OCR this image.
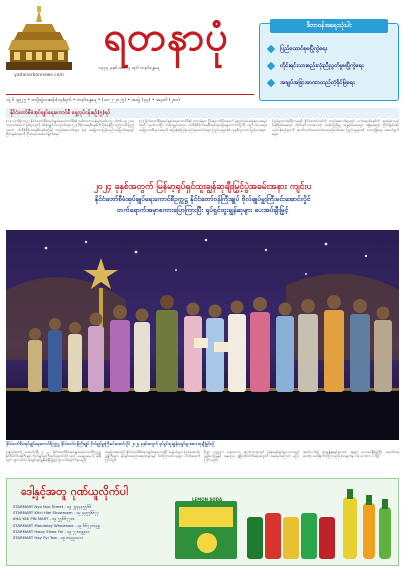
yadanarbonnews.com
ရတနာပုံ
၁၃၃၃ ခုနှစ်၊ လေ၊ ၃ ရက် တနင်္ဂနွေနေ့
သုံ့ ၆ ၃၉၂၅ • တပို့တွဲလဆန်း(၁၃)ရက် • တနင်္ဂနွေနေ့ • (၁၀-၂-၂၀၂၅) • အတွဲ (၃၃) • အမှတ် (၂၈၀)
ဒီတာဝန်အရေးသုံးပါး
ပြည်ထောင်စုမပြိုကွဲရေး
တိုင်းရင်းသားစည်းလုံးညီညွတ်မှုမပြိုကွဲရေး
အချုပ်အခြာအာဏာတည်တံ့ခိုင်မြဲရေး
နိုင်ငံတော်စီမံအုပ်ချုပ်ရေးကောင်စီ ရှေ့လုပ်ငန်းစဉ်(၅)ရပ်
(၁) လက်ရှိကာလ နိုင်ငံတော်စီမံအုပ်ချုပ်ရေးကောင်စီ၏ အဓိကတာဝန်များဖြစ်သော ကိုဗစ်-၁၉ ကမ္ဘာ့ကပ်ရောဂါ ဖြစ်ပွားမှုကို ထိန်းချုပ်ကာကွယ်ရေး။ (၂) ဒီမိုကရေစီစနစ်ကို စစ်မှန်ပြီး စည်းကမ်းပြည့်ဝသော ပါတီစုံဒီမိုကရေစီစနစ်အဖြစ် တည်ဆောက်ရေး။ (၃) အမျိုးသားပြန်လည်သင့်မြတ်ရေးနှင့် ငြိမ်းချမ်းရေးကို ဦးစားပေးဆောင်ရွက်ရေး။
(၄) နိုင်ငံတော်စီမံအုပ်ချုပ်ရေးကောင်စီ၏ တာဝန်များ ပြီးမြောက်ပြီးနောက် ဖွဲ့စည်းပုံအခြေခံဥပဒေနှင့်အညီ လွတ်လပ်ပြီး တရားမျှတသော ပါတီစုံဒီမိုကရေစီအထွေထွေရွေးကောက်ပွဲကို ကျင်းပပေးရေး။ အမျိုးသားစီးပွားရေးကို အမြန်ဆုံးပြန်လည်ထူထောင်ရေး။ ပြည်သူများ၏ လူမှုစီးပွားဘဝ မြင့်မားရေး။
ပြည်ထောင်စုဒီမိုကရေစီ နိုင်ငံတော်သစ်ကို တည်ဆောက်ရာတွင် ဖက်ဒရယ်စနစ်ကို အခြေခံသည့် စနစ်ဖြစ်စေရေး။ တိုင်းရင်းသားအားလုံး တန်းတူညီမျှ အခွင့်အရေးများ ရရှိစေရေး။ ငြိမ်းချမ်းရေးလုပ်ငန်းစဉ်များကို ဆက်လက်အကောင်အထည်ဖော်ရေး။ ပြည်သူများ၏ ဘဝလုံခြုံရေး ဆောင်ရွက်ရေး။
၂၀၂၄ ခုနှစ်အတွက် မြန်မာ့ရုပ်ရှင်ထူးချွန်ဆုချီးမြှင့်ပွဲအခမ်းအနား ကျင်းပ
နိုင်ငံတော်စီမံအုပ်ချုပ်ရေးကောင်စီဥက္ကဋ္ဌ နိုင်ငံတော်ဝန်ကြီးချုပ် ဗိုလ်ချုပ်မှူးကြီးမင်းအောင်လှိုင်
တက်ရောက်အမှာစကားပြောကြားပြီး ရုပ်ရှင်ထူးချွန်ဆုများ ပေးအပ်ချီးမြှင့်
နိုင်ငံတော်စီမံအုပ်ချုပ်ရေးကောင်စီဥက္ကဋ္ဌ နိုင်ငံတော်ဝန်ကြီးချုပ် ဗိုလ်ချုပ်မှူးကြီးမင်းအောင်လှိုင် ၂၀၂၄ ခုနှစ်အတွက် ရုပ်ရှင်ထူးချွန်ဆုရှင်များအား ဆုချီးမြှင့်စဉ်
နေပြည်တော် ဖေဖော်ဝါရီ ၉ — နိုင်ငံတော်စီမံအုပ်ချုပ်ရေးကောင်စီဥက္ကဋ္ဌ နိုင်ငံတော်ဝန်ကြီးချုပ် ဗိုလ်ချုပ်မှူးကြီးမင်းအောင်လှိုင်သည် ယနေ့ညနေ ၆ နာရီတွင် ကျင်းပသော ရုပ်ရှင်ထူးချွန်ဆုချီးမြှင့်ပွဲသို့ တက်ရောက်ခဲ့သည်။
အခမ်းအနားတွင် နိုင်ငံတော်စီမံအုပ်ချုပ်ရေးကောင်စီ အဖွဲ့ဝင်များ၊ ပြည်ထောင်စုဝန်ကြီးများ၊ ရုပ်ရှင်အစည်းအရုံးဝင်များနှင့် ဖိတ်ကြားထားသူများ တက်ရောက်ကြသည်။
ဦးစွာ ဥက္ကဋ္ဌက အမှာစကား ပြောကြားရာတွင် မြန်မာ့ရုပ်ရှင်လောကသည် ယဉ်ကျေးမှုနှင့် အနုပညာ ဖွံ့ဖြိုးတိုးတက်ရေးအတွက် အရေးပါကြောင်း ပြောကြားသည်။
ဆက်လက်၍ ထူးချွန်ဆုရှင်များအား ဆုများ ပေးအပ်ချီးမြှင့်ပြီး အမှတ်တရ ဓာတ်ပုံ အတူရိုက်ကူးကြသည်။ (စာမျက်နှာ ၁၆ ကော်လံ ၁ သို့)
ဒေါ့နှင့်အတူ ဂုဏ်ယူလိုက်ပါ
STARMART Nyo Nyo Street - ၀၉ ၂၃၃၄၄၅၅၆၆
STARMART Khin Hlei Showroom - ၀၉ ၄၄၅၅၆၆၇၇
KHA YAE PIN MART - ၀၉ ၅၅၆၆၇၇၈၈
STARMART Mandalay Wholesale - ၀၉ ၆၆၇၇၈၈၉၉
STARMART Hway Shwe Yin - ၀၉ ၇၇၈၈၉၉၀၀
STARMART Hay Pyi Taw - ၀၉ ၈၈၉၉၀၀၁၁
LEMON SODA
